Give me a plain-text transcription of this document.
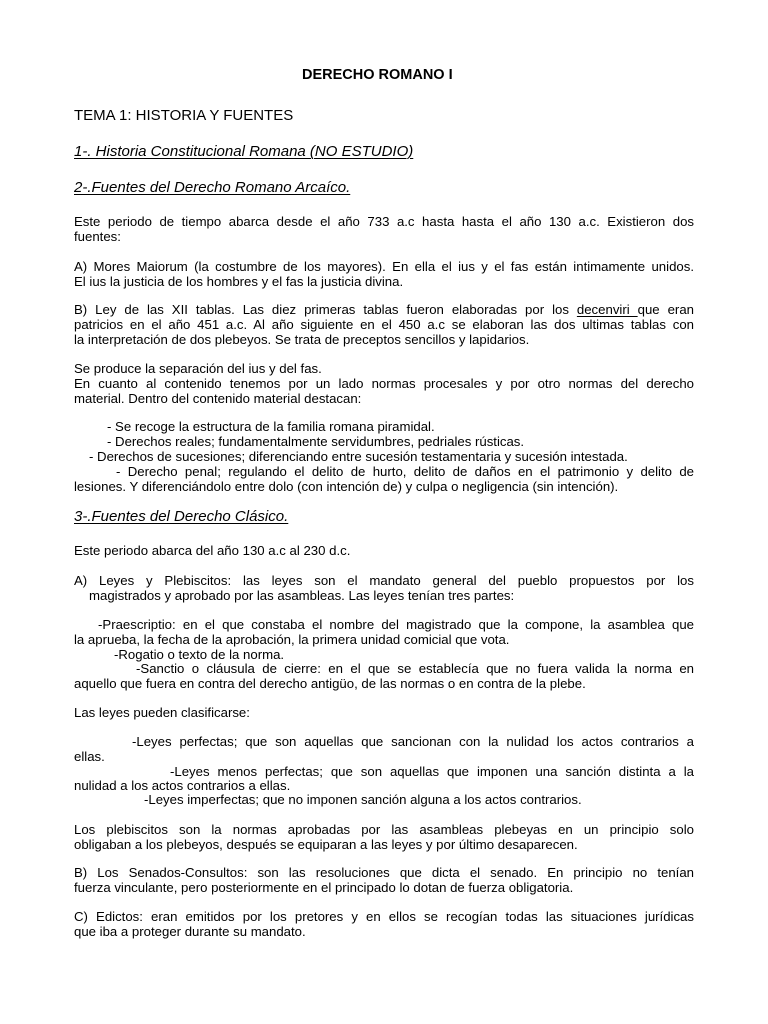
DERECHO ROMANO I
TEMA 1: HISTORIA Y FUENTES
1-. Historia Constitucional Romana (NO ESTUDIO)
2-.Fuentes del Derecho Romano Arcaíco.
Este periodo de tiempo abarca desde el año 733 a.c hasta hasta el año 130 a.c. Existieron dos
fuentes:
A) Mores Maiorum (la costumbre de los mayores). En ella el ius y el fas están intimamente unidos.
El ius la justicia de los hombres y el fas la justicia divina.
B) Ley de las XII tablas. Las diez primeras tablas fueron elaboradas por los decenviri que eran
patricios en el año 451 a.c. Al año siguiente en el 450 a.c se elaboran las dos ultimas tablas con
la interpretación de dos plebeyos. Se trata de preceptos sencillos y lapidarios.
Se produce la separación del ius y del fas.
En cuanto al contenido tenemos por un lado normas procesales y por otro normas del derecho
material. Dentro del contenido material destacan:
- Se recoge la estructura de la familia romana piramidal.
- Derechos reales; fundamentalmente servidumbres, pedriales rústicas.
- Derechos de sucesiones; diferenciando entre sucesión testamentaria y sucesión intestada.
- Derecho penal; regulando el delito de hurto, delito de daños en el patrimonio y delito de
lesiones. Y diferenciándolo entre dolo (con intención de) y culpa o negligencia (sin intención).
3-.Fuentes del Derecho Clásico.
Este periodo abarca del año 130 a.c al 230 d.c.
A) Leyes y Plebiscitos: las leyes son el mandato general del pueblo propuestos por los
magistrados y aprobado por las asambleas. Las leyes tenían tres partes:
-Praescriptio: en el que constaba el nombre del magistrado que la compone, la asamblea que
la aprueba, la fecha de la aprobación, la primera unidad comicial que vota.
-Rogatio o texto de la norma.
-Sanctio o cláusula de cierre: en el que se establecía que no fuera valida la norma en
aquello que fuera en contra del derecho antigüo, de las normas o en contra de la plebe.
Las leyes pueden clasificarse:
-Leyes perfectas; que son aquellas que sancionan con la nulidad los actos contrarios a
ellas.
-Leyes menos perfectas; que son aquellas que imponen una sanción distinta a la
nulidad a los actos contrarios a ellas.
-Leyes imperfectas; que no imponen sanción alguna a los actos contrarios.
Los plebiscitos son la normas aprobadas por las asambleas plebeyas en un principio solo
obligaban a los plebeyos, después se equiparan a las leyes y por último desaparecen.
B) Los Senados-Consultos: son las resoluciones que dicta el senado. En principio no tenían
fuerza vinculante, pero posteriormente en el principado lo dotan de fuerza obligatoria.
C) Edictos: eran emitidos por los pretores y en ellos se recogían todas las situaciones jurídicas
que iba a proteger durante su mandato.
